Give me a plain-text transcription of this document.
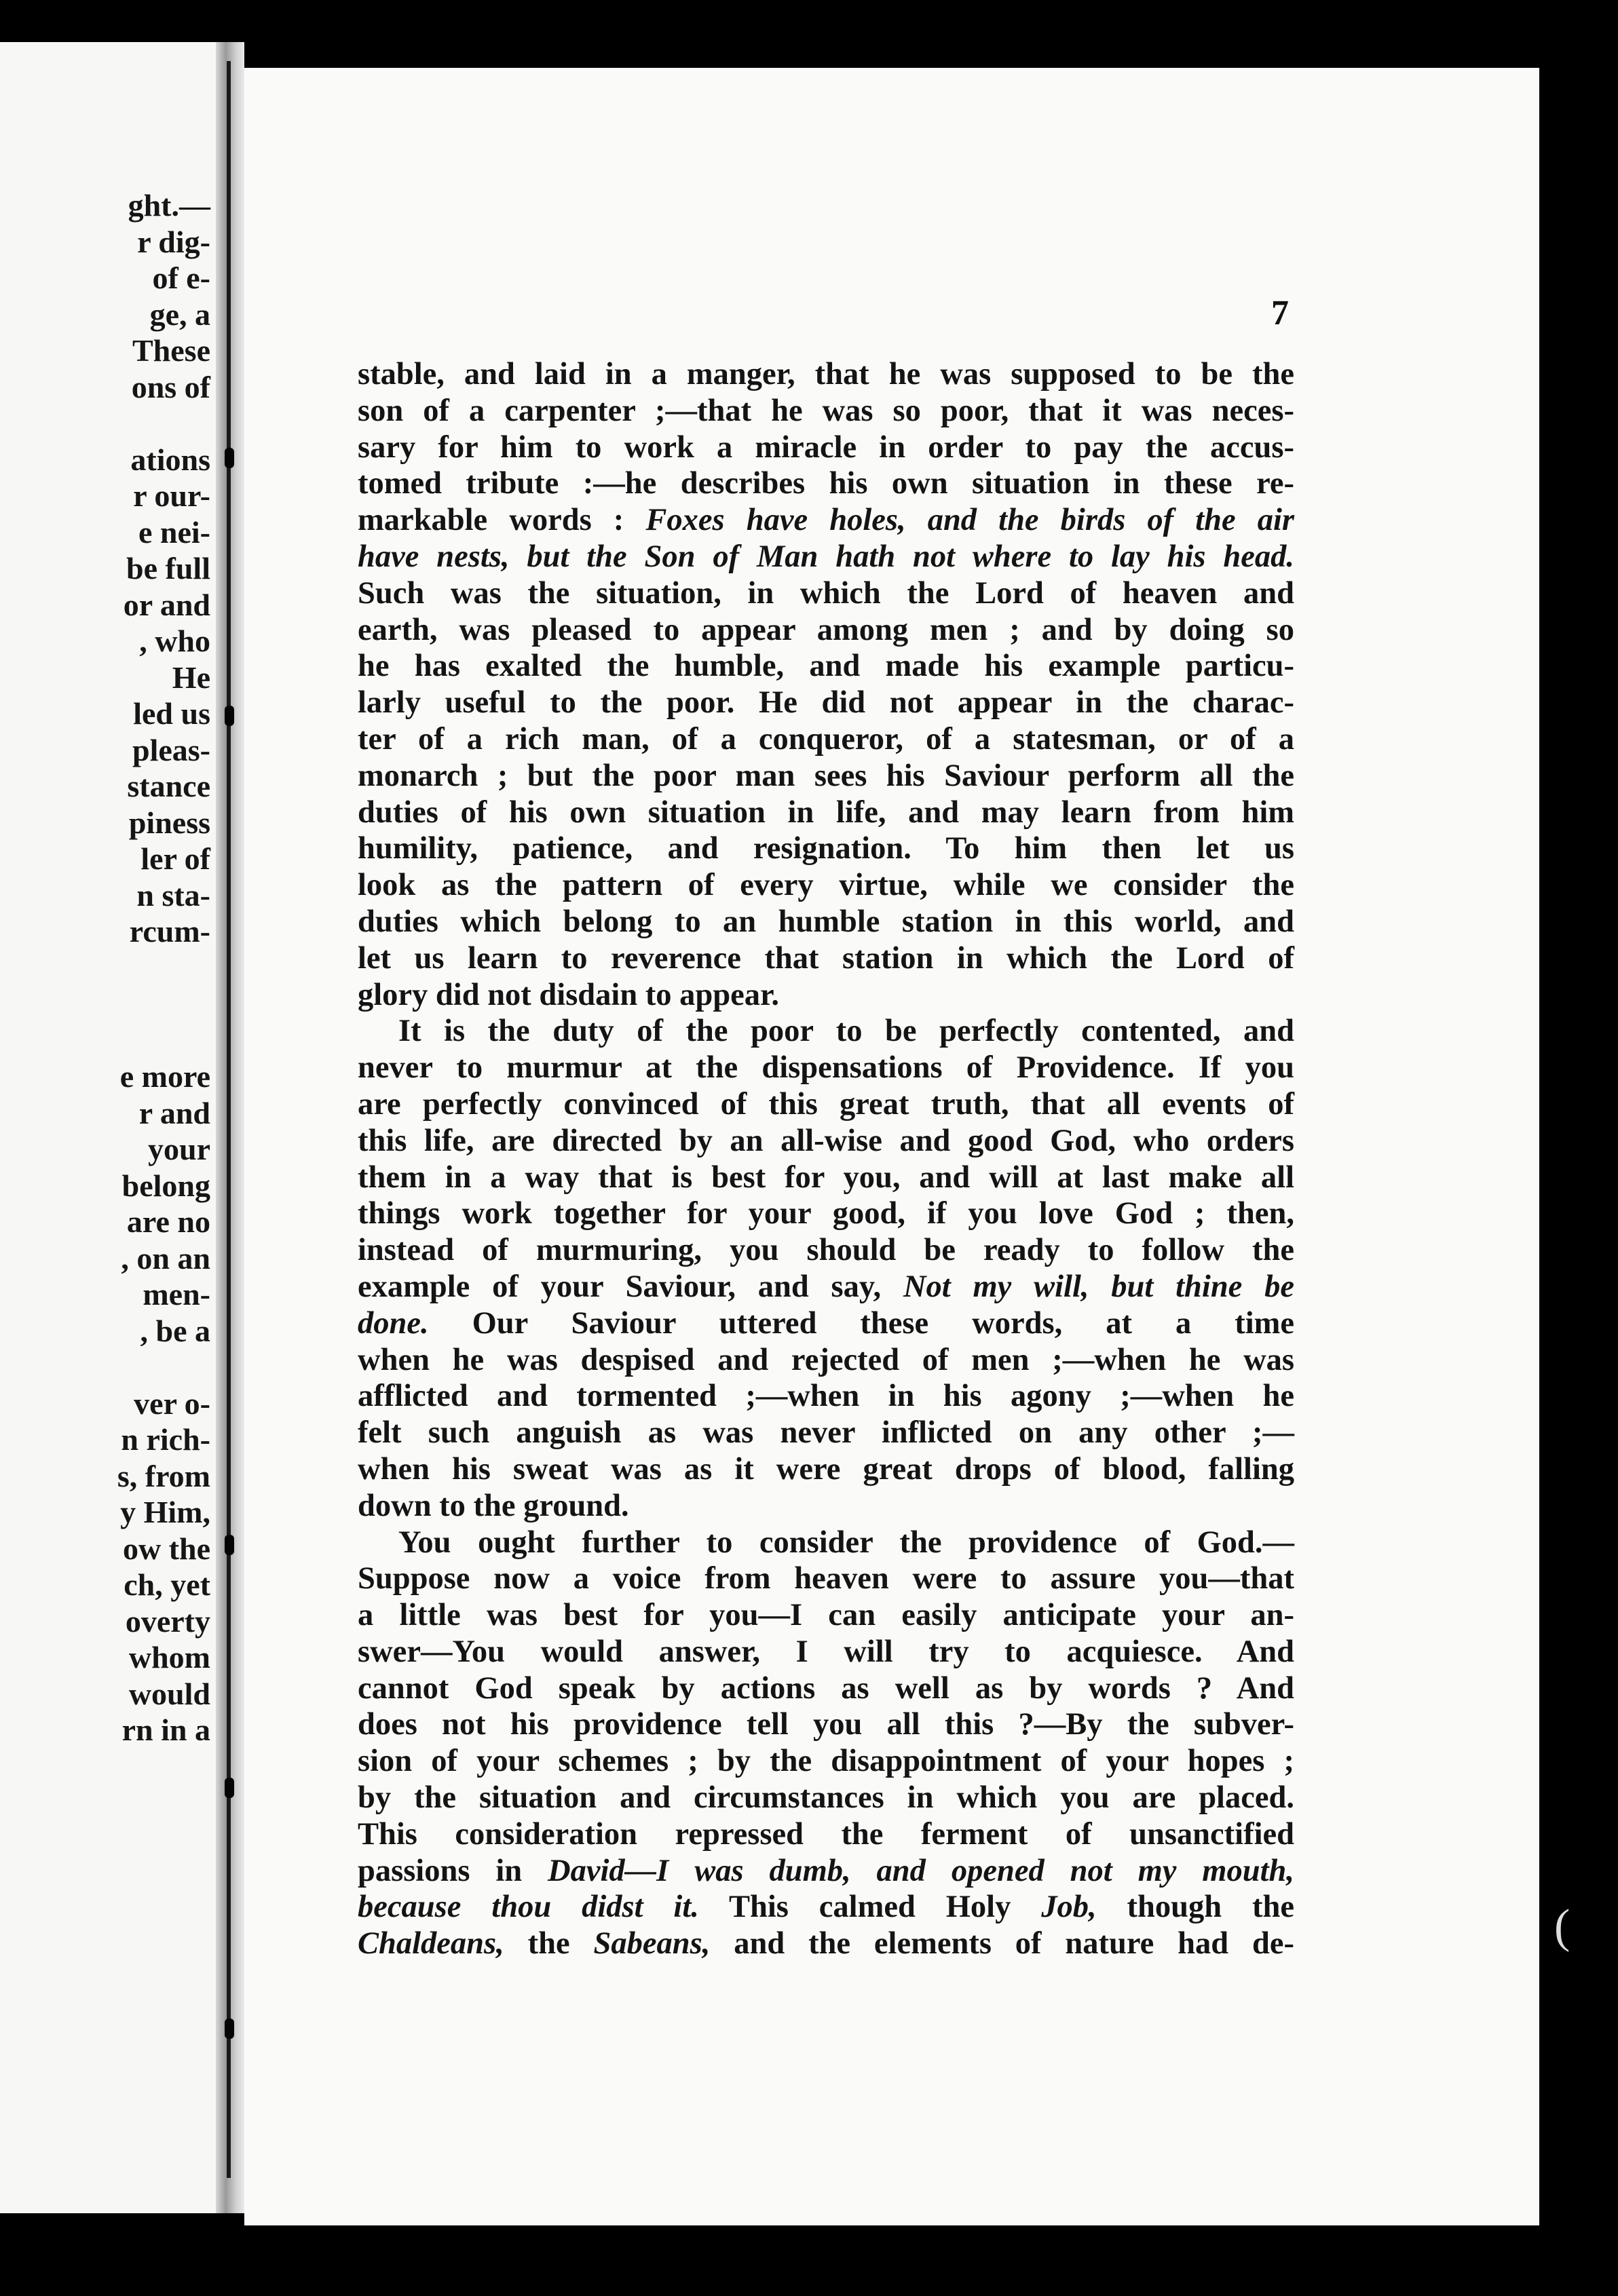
ght.—
r dig-
of e-
ge, a
These
ons of
ations
r our-
e nei-
be full
or and
, who
He
led us
pleas-
stance
piness
ler of
n sta-
rcum-
e more
r and
your
belong
are no
, on an
men-
, be a
ver o-
n rich-
s, from
y Him,
ow the
ch, yet
overty
whom
would
rn in a
7
stable, and laid in a manger, that he was supposed to be the
son of a carpenter ;—that he was so poor, that it was neces-
sary for him to work a miracle in order to pay the accus-
tomed tribute :—he describes his own situation in these re-
markable words : Foxes have holes, and the birds of the air
have nests, but the Son of Man hath not where to lay his head.
Such was the situation, in which the Lord of heaven and
earth, was pleased to appear among men ; and by doing so
he has exalted the humble, and made his example particu-
larly useful to the poor. He did not appear in the charac-
ter of a rich man, of a conqueror, of a statesman, or of a
monarch ; but the poor man sees his Saviour perform all the
duties of his own situation in life, and may learn from him
humility, patience, and resignation. To him then let us
look as the pattern of every virtue, while we consider the
duties which belong to an humble station in this world, and
let us learn to reverence that station in which the Lord of
glory did not disdain to appear.
It is the duty of the poor to be perfectly contented, and
never to murmur at the dispensations of Providence. If you
are perfectly convinced of this great truth, that all events of
this life, are directed by an all-wise and good God, who orders
them in a way that is best for you, and will at last make all
things work together for your good, if you love God ; then,
instead of murmuring, you should be ready to follow the
example of your Saviour, and say, Not my will, but thine be
done. Our Saviour uttered these words, at a time
when he was despised and rejected of men ;—when he was
afflicted and tormented ;—when in his agony ;—when he
felt such anguish as was never inflicted on any other ;—
when his sweat was as it were great drops of blood, falling
down to the ground.
You ought further to consider the providence of God.—
Suppose now a voice from heaven were to assure you—that
a little was best for you—I can easily anticipate your an-
swer—You would answer, I will try to acquiesce. And
cannot God speak by actions as well as by words ? And
does not his providence tell you all this ?—By the subver-
sion of your schemes ; by the disappointment of your hopes ;
by the situation and circumstances in which you are placed.
This consideration repressed the ferment of unsanctified
passions in David—I was dumb, and opened not my mouth,
because thou didst it. This calmed Holy Job, though the
Chaldeans, the Sabeans, and the elements of nature had de-	(
